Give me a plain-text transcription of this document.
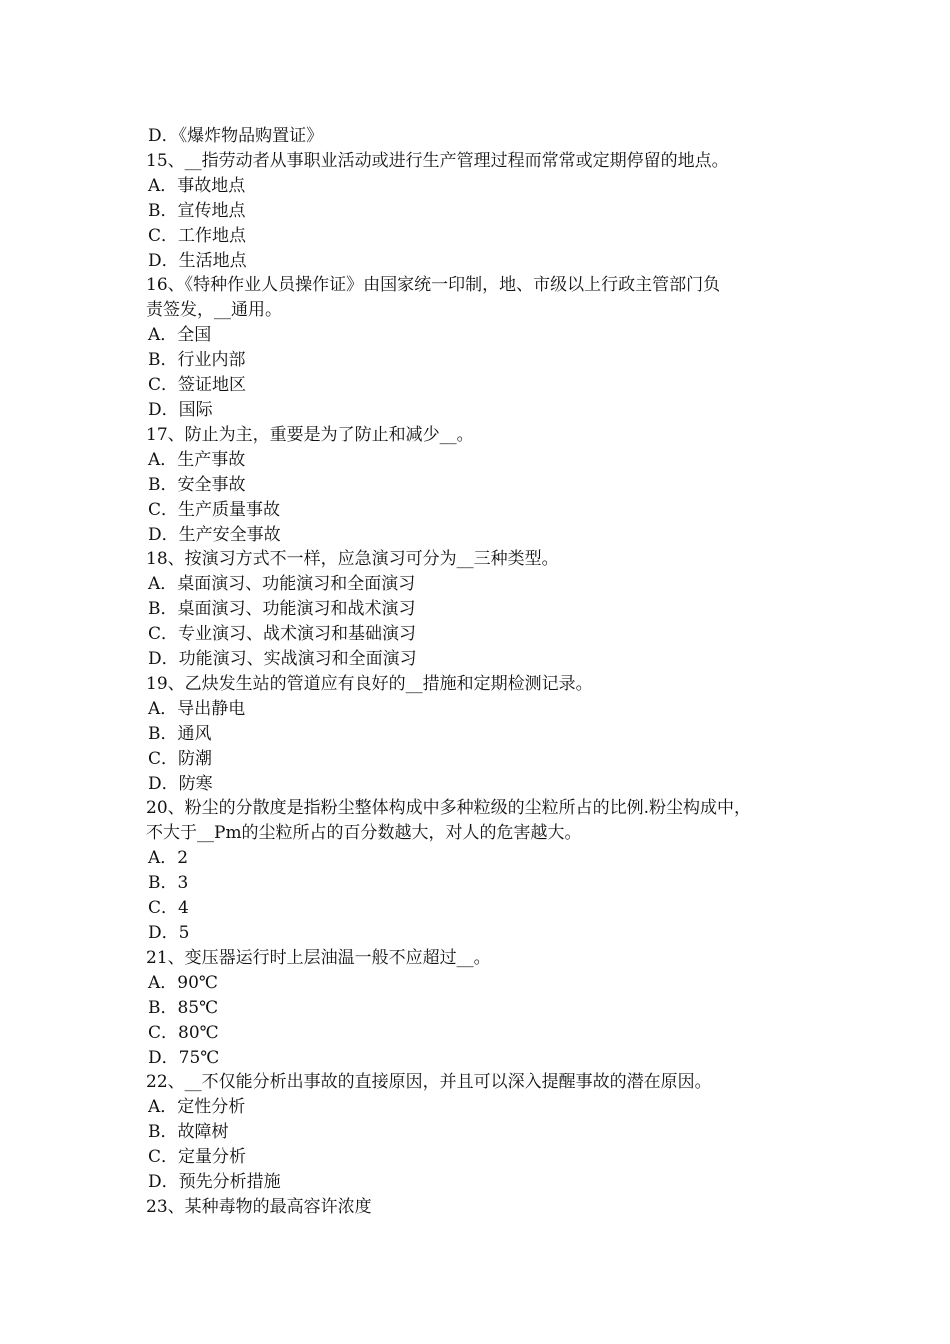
D．《爆炸物品购置证》
15、__指劳动者从事职业活动或进行生产管理过程而常常或定期停留的地点。
A．事故地点
B．宣传地点
C．工作地点
D．生活地点
16、《特种作业人员操作证》由国家统一印制，地、市级以上行政主管部门负
责签发，__通用。
A．全国
B．行业内部
C．签证地区
D．国际
17、防止为主，重要是为了防止和减少__。
A．生产事故
B．安全事故
C．生产质量事故
D．生产安全事故
18、按演习方式不一样，应急演习可分为__三种类型。
A．桌面演习、功能演习和全面演习
B．桌面演习、功能演习和战术演习
C．专业演习、战术演习和基础演习
D．功能演习、实战演习和全面演习
19、乙炔发生站的管道应有良好的__措施和定期检测记录。
A．导出静电
B．通风
C．防潮
D．防寒
20、粉尘的分散度是指粉尘整体构成中多种粒级的尘粒所占的比例.粉尘构成中，
不大于__Pm的尘粒所占的百分数越大，对人的危害越大。
A．2
B．3
C．4
D．5
21、变压器运行时上层油温一般不应超过__。
A．90℃
B．85℃
C．80℃
D．75℃
22、__不仅能分析出事故的直接原因，并且可以深入提醒事故的潜在原因。
A．定性分析
B．故障树
C．定量分析
D．预先分析措施
23、某种毒物的最高容许浓度
